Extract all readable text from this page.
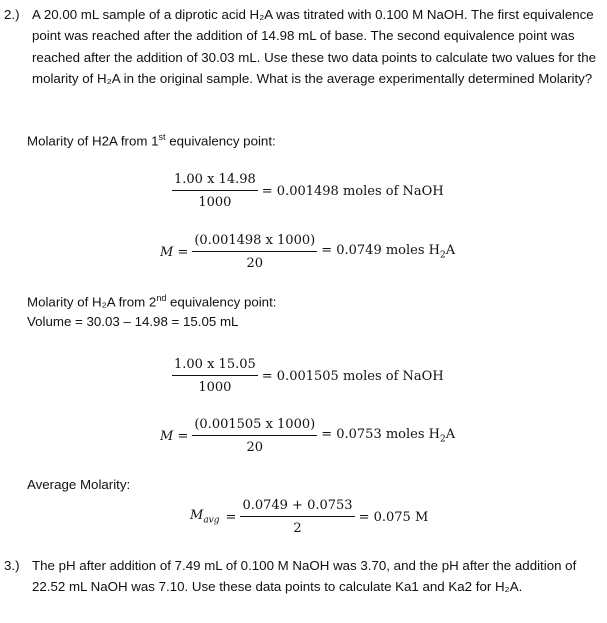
2.) A 20.00 mL sample of a diprotic acid H₂A was titrated with 0.100 M NaOH. The first equivalence point was reached after the addition of 14.98 mL of base. The second equivalence point was reached after the addition of 30.03 mL. Use these two data points to calculate two values for the molarity of H₂A in the original sample. What is the average experimentally determined Molarity?
Molarity of H2A from 1st equivalency point:
$\frac{1.00 x 14.98}{1000} = 0.001498$ moles of NaOH
$M = \frac{(0.001498 x 1000)}{20} = 0.0749$ moles $H_2A$
Molarity of H₂A from 2nd equivalency point:
Volume = 30.03 – 14.98 = 15.05 mL
$\frac{1.00 x 15.05}{1000} = 0.001505$ moles of NaOH
$M = \frac{(0.001505 x 1000)}{20} = 0.0753$ moles $H_2A$
Average Molarity:
$M_{avg} = \frac{0.0749 + 0.0753}{2} = 0.075$ M
3.) The pH after addition of 7.49 mL of 0.100 M NaOH was 3.70, and the pH after the addition of 22.52 mL NaOH was 7.10. Use these data points to calculate Ka1 and Ka2 for H₂A.
